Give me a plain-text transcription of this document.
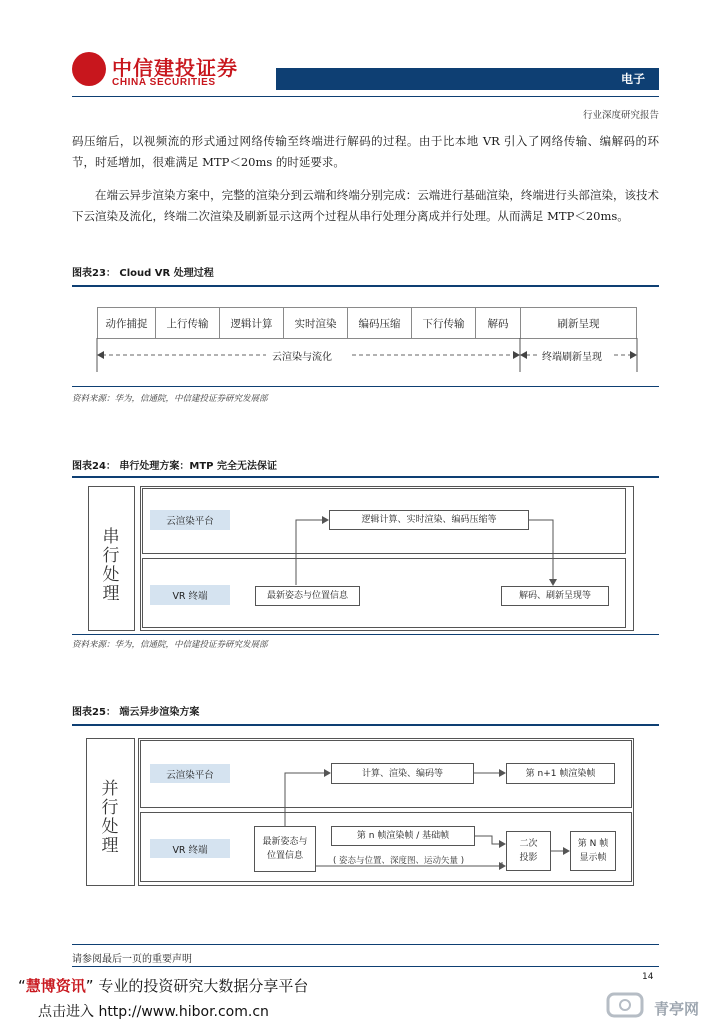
中信建投证券
CHINA SECURITIES	电子
行业深度研究报告
码压缩后，以视频流的形式通过网络传输至终端进行解码的过程。由于比本地 VR 引入了网络传输、编解码的环节，时延增加，很难满足 MTP＜20ms 的时延要求。
在端云异步渲染方案中，完整的渲染分到云端和终端分别完成：云端进行基础渲染，终端进行头部渲染，该技术下云渲染及流化，终端二次渲染及刷新显示这两个过程从串行处理分离成并行处理。从而满足 MTP＜20ms。
图表23： Cloud VR 处理过程
动作捕捉	上行传输	逻辑计算	实时渲染	编码压缩	下行传输	解码	刷新呈现
云渲染与流化	终端刷新呈现
资料来源：华为，信通院，中信建投证券研究发展部
图表24： 串行处理方案：MTP 完全无法保证
串行处理
云渲染平台
VR 终端
逻辑计算、实时渲染、编码压缩等
最新姿态与位置信息	解码、刷新呈现等
资料来源：华为，信通院，中信建投证券研究发展部
图表25： 端云异步渲染方案
并行处理
云渲染平台
VR 终端
计算、渲染、编码等	第 n+1 帧渲染帧
最新姿态与
位置信息
第 n 帧渲染帧 / 基础帧
( 姿态与位置、深度图、运动矢量 )
二次
投影
第 N 帧
显示帧
请参阅最后一页的重要声明
14
“慧博资讯” 专业的投资研究大数据分享平台
点击进入 http://www.hibor.com.cn	青亭网
